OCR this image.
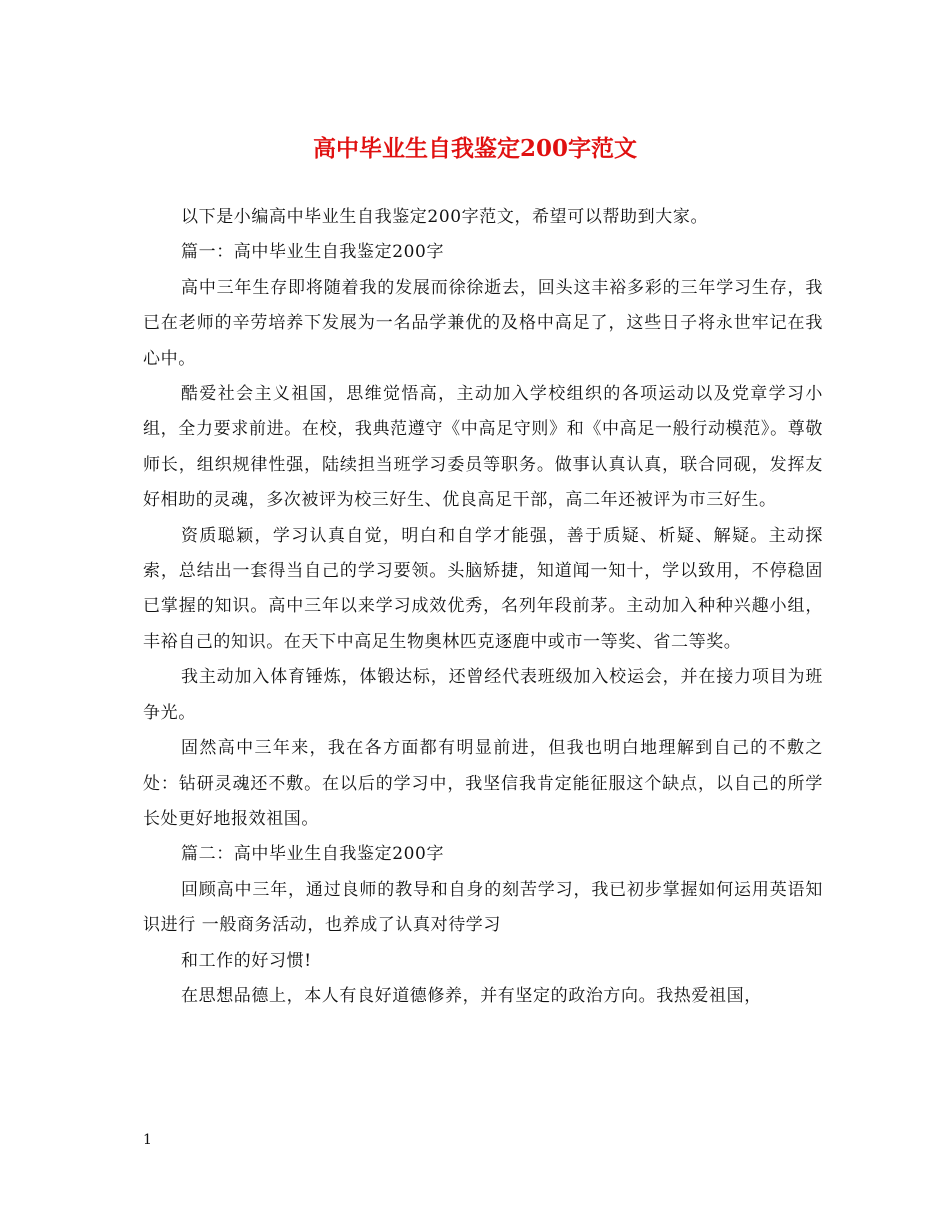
高中毕业生自我鉴定200字范文

以下是小编高中毕业生自我鉴定200字范文，希望可以帮助到大家。

篇一：高中毕业生自我鉴定200字

高中三年生存即将随着我的发展而徐徐逝去，回头这丰裕多彩的三年学习生存，我已在老师的辛劳培养下发展为一名品学兼优的及格中高足了，这些日子将永世牢记在我心中。

酷爱社会主义祖国，思维觉悟高，主动加入学校组织的各项运动以及党章学习小组，全力要求前进。在校，我典范遵守《中高足守则》和《中高足一般行动模范》。尊敬师长，组织规律性强，陆续担当班学习委员等职务。做事认真认真，联合同砚，发挥友好相助的灵魂，多次被评为校三好生、优良高足干部，高二年还被评为市三好生。

资质聪颖，学习认真自觉，明白和自学才能强，善于质疑、析疑、解疑。主动探索，总结出一套得当自己的学习要领。头脑矫捷，知道闻一知十，学以致用，不停稳固已掌握的知识。高中三年以来学习成效优秀，名列年段前茅。主动加入种种兴趣小组，丰裕自己的知识。在天下中高足生物奥林匹克逐鹿中或市一等奖、省二等奖。

我主动加入体育锤炼，体锻达标，还曾经代表班级加入校运会，并在接力项目为班争光。

固然高中三年来，我在各方面都有明显前进，但我也明白地理解到自己的不敷之处：钻研灵魂还不敷。在以后的学习中，我坚信我肯定能征服这个缺点，以自己的所学长处更好地报效祖国。

篇二：高中毕业生自我鉴定200字

回顾高中三年，通过良师的教导和自身的刻苦学习，我已初步掌握如何运用英语知识进行 一般商务活动，也养成了认真对待学习

和工作的好习惯!

在思想品德上，本人有良好道德修养，并有坚定的政治方向。我热爱祖国，

1
